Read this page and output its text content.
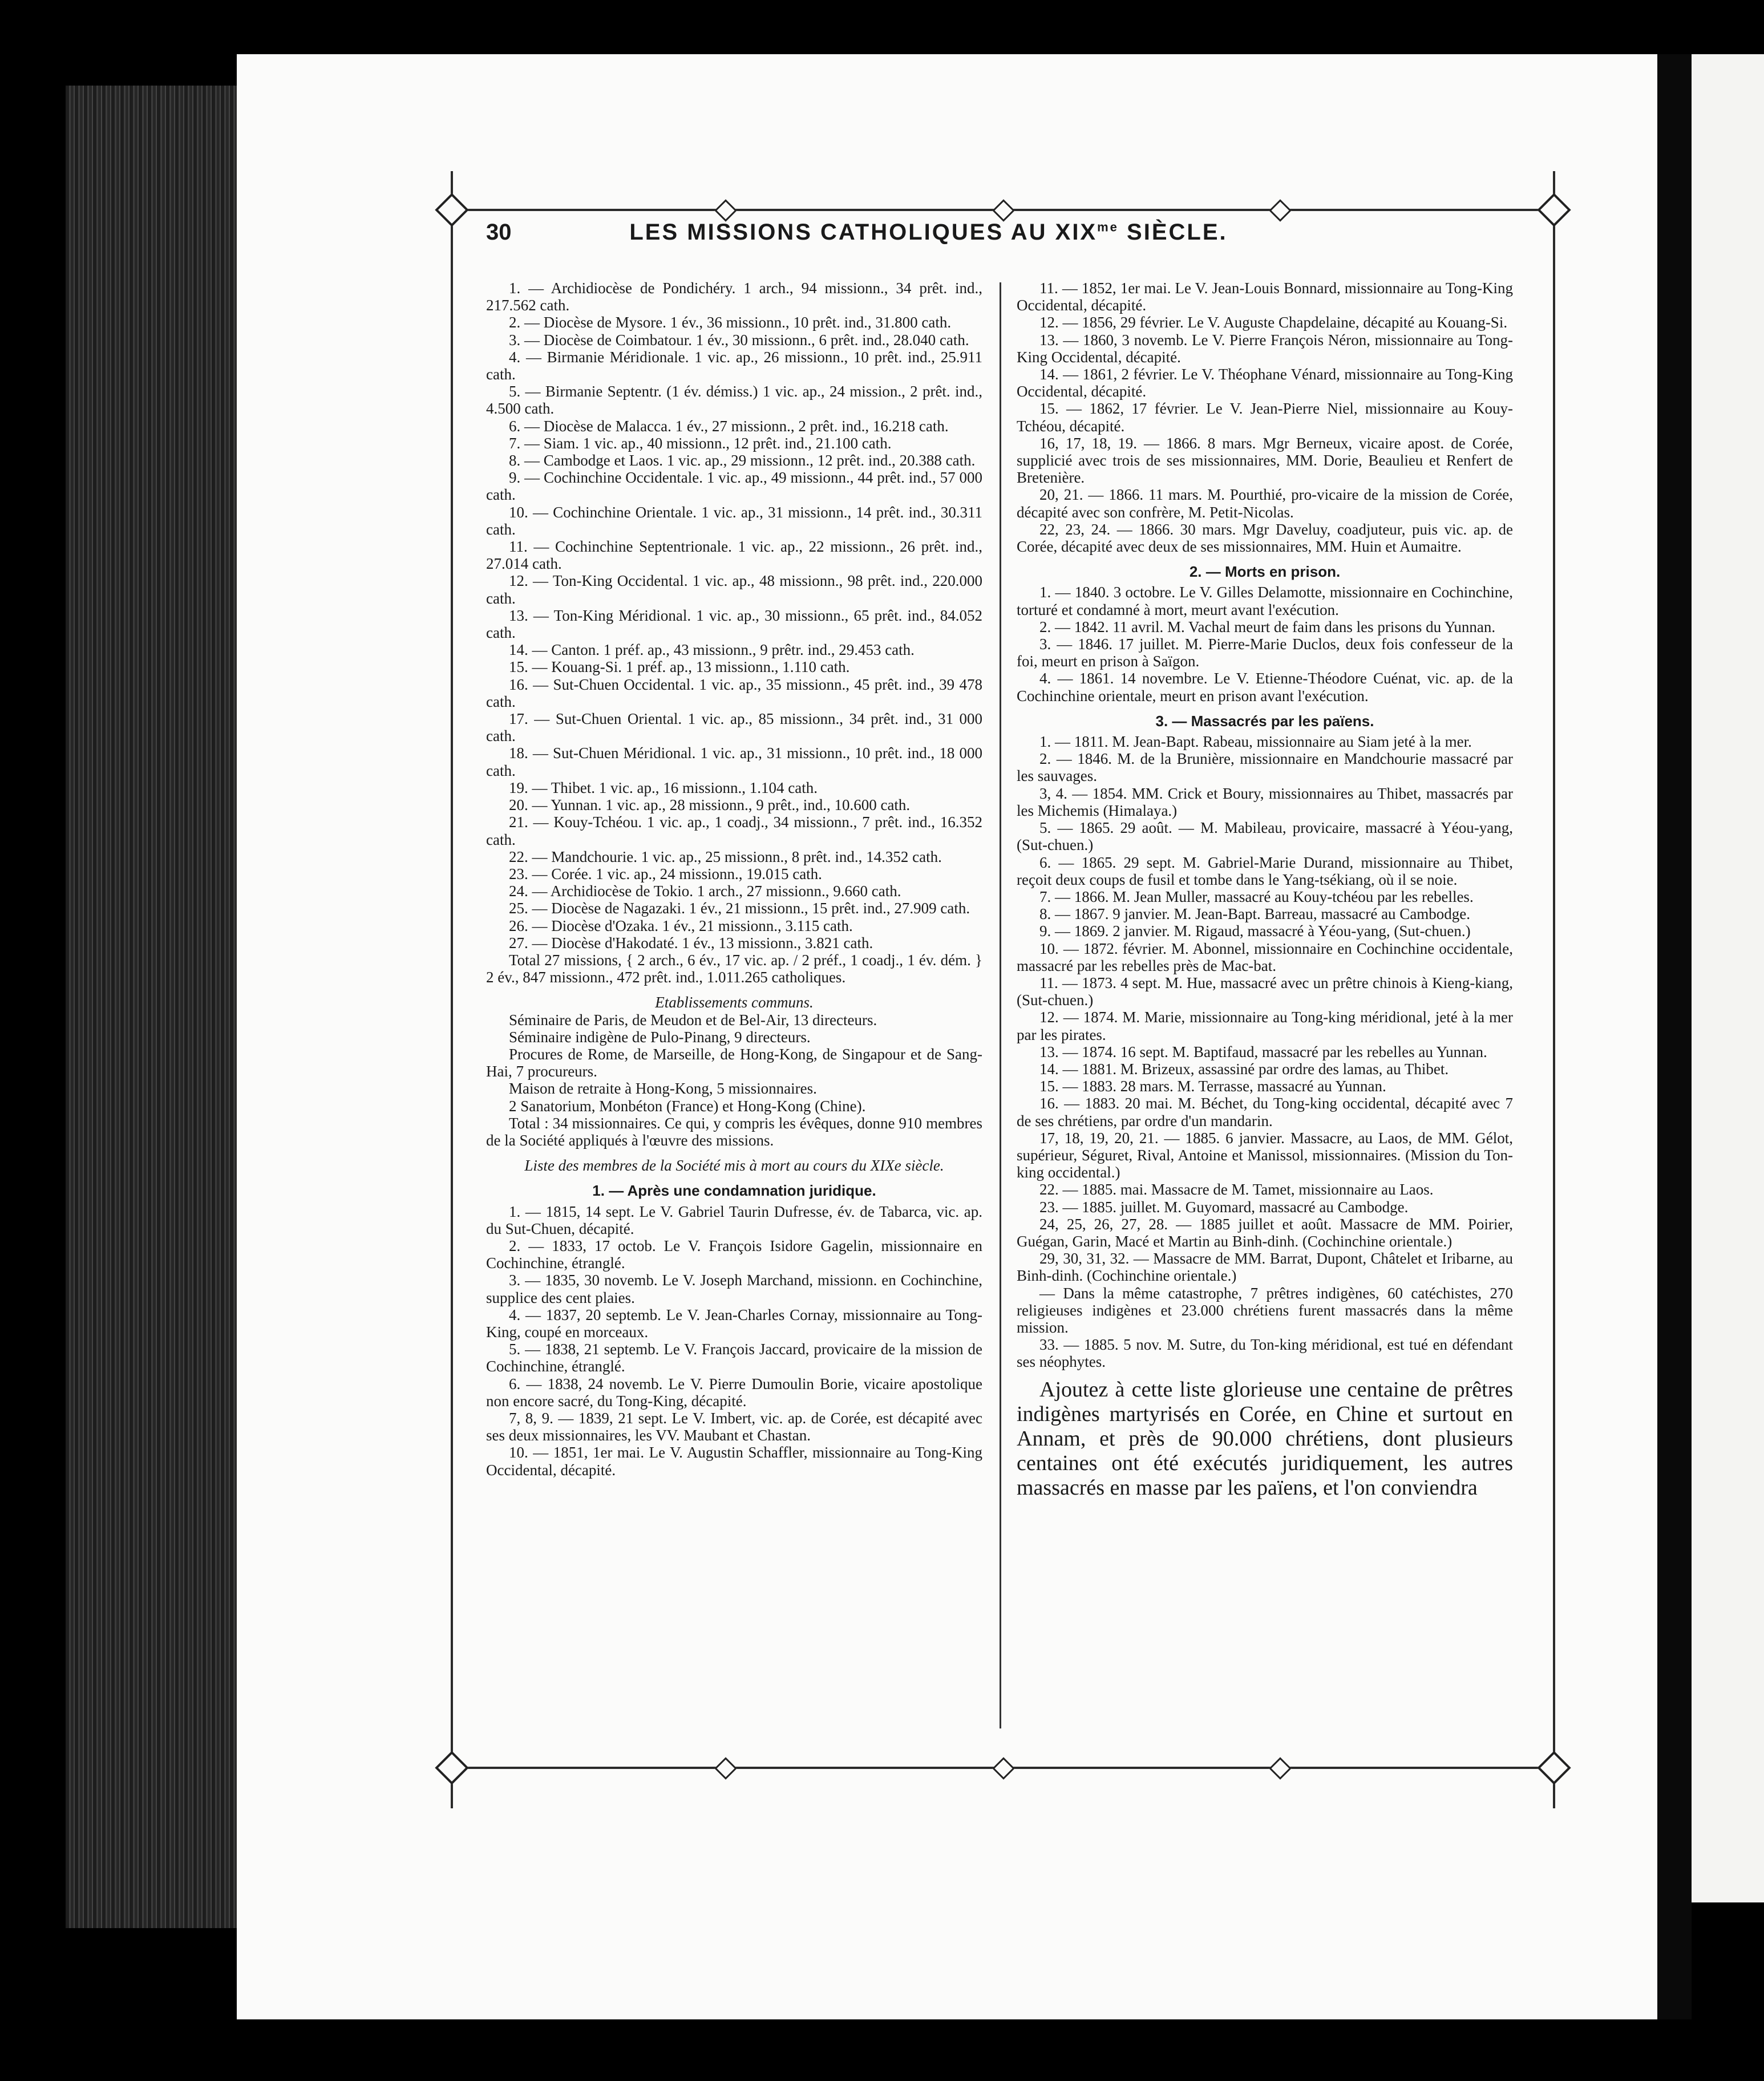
30	LES MISSIONS CATHOLIQUES AU $XIX^{me}$ SIÈCLE.

1. — Archidiocèse de Pondichéry. 1 arch., 94 missionn., 34 prêt. ind., 217.562 cath.

2. — Diocèse de Mysore. 1 év., 36 missionn., 10 prêt. ind., 31.800 cath.

3. — Diocèse de Coimbatour. 1 év., 30 missionn., 6 prêt. ind., 28.040 cath.

4. — Birmanie Méridionale. 1 vic. ap., 26 missionn., 10 prêt. ind., 25.911 cath.

5. — Birmanie Septentr. (1 év. démiss.) 1 vic. ap., 24 mission., 2 prêt. ind., 4.500 cath.

6. — Diocèse de Malacca. 1 év., 27 missionn., 2 prêt. ind., 16.218 cath.

7. — Siam. 1 vic. ap., 40 missionn., 12 prêt. ind., 21.100 cath.

8. — Cambodge et Laos. 1 vic. ap., 29 missionn., 12 prêt. ind., 20.388 cath.

9. — Cochinchine Occidentale. 1 vic. ap., 49 missionn., 44 prêt. ind., 57 000 cath.

10. — Cochinchine Orientale. 1 vic. ap., 31 missionn., 14 prêt. ind., 30.311 cath.

11. — Cochinchine Septentrionale. 1 vic. ap., 22 missionn., 26 prêt. ind., 27.014 cath.

12. — Ton-King Occidental. 1 vic. ap., 48 missionn., 98 prêt. ind., 220.000 cath.

13. — Ton-King Méridional. 1 vic. ap., 30 missionn., 65 prêt. ind., 84.052 cath.

14. — Canton. 1 préf. ap., 43 missionn., 9 prêtr. ind., 29.453 cath.

15. — Kouang-Si. 1 préf. ap., 13 missionn., 1.110 cath.

16. — Sut-Chuen Occidental. 1 vic. ap., 35 missionn., 45 prêt. ind., 39 478 cath.

17. — Sut-Chuen Oriental. 1 vic. ap., 85 missionn., 34 prêt. ind., 31 000 cath.

18. — Sut-Chuen Méridional. 1 vic. ap., 31 missionn., 10 prêt. ind., 18 000 cath.

19. — Thibet. 1 vic. ap., 16 missionn., 1.104 cath.

20. — Yunnan. 1 vic. ap., 28 missionn., 9 prêt., ind., 10.600 cath.

21. — Kouy-Tchéou. 1 vic. ap., 1 coadj., 34 missionn., 7 prêt. ind., 16.352 cath.

22. — Mandchourie. 1 vic. ap., 25 missionn., 8 prêt. ind., 14.352 cath.

23. — Corée. 1 vic. ap., 24 missionn., 19.015 cath.

24. — Archidiocèse de Tokio. 1 arch., 27 missionn., 9.660 cath.

25. — Diocèse de Nagazaki. 1 év., 21 missionn., 15 prêt. ind., 27.909 cath.

26. — Diocèse d'Ozaka. 1 év., 21 missionn., 3.115 cath.

27. — Diocèse d'Hakodaté. 1 év., 13 missionn., 3.821 cath.

Total 27 missions, { 2 arch., 6 év., 17 vic. ap. / 2 préf., 1 coadj., 1 év. dém. } 2 év., 847 missionn., 472 prêt. ind., 1.011.265 catholiques.

Etablissements communs.

Séminaire de Paris, de Meudon et de Bel-Air, 13 directeurs.

Séminaire indigène de Pulo-Pinang, 9 directeurs.

Procures de Rome, de Marseille, de Hong-Kong, de Singapour et de Sang-Hai, 7 procureurs.

Maison de retraite à Hong-Kong, 5 missionnaires.

2 Sanatorium, Monbéton (France) et Hong-Kong (Chine).

Total : 34 missionnaires. Ce qui, y compris les évêques, donne 910 membres de la Société appliqués à l'œuvre des missions.

Liste des membres de la Société mis à mort au cours du XIXe siècle.

1. — Après une condamnation juridique.

1. — 1815, 14 sept. Le V. Gabriel Taurin Dufresse, év. de Tabarca, vic. ap. du Sut-Chuen, décapité.

2. — 1833, 17 octob. Le V. François Isidore Gagelin, missionnaire en Cochinchine, étranglé.

3. — 1835, 30 novemb. Le V. Joseph Marchand, missionn. en Cochinchine, supplice des cent plaies.

4. — 1837, 20 septemb. Le V. Jean-Charles Cornay, missionnaire au Tong-King, coupé en morceaux.

5. — 1838, 21 septemb. Le V. François Jaccard, provicaire de la mission de Cochinchine, étranglé.

6. — 1838, 24 novemb. Le V. Pierre Dumoulin Borie, vicaire apostolique non encore sacré, du Tong-King, décapité.

7, 8, 9. — 1839, 21 sept. Le V. Imbert, vic. ap. de Corée, est décapité avec ses deux missionnaires, les VV. Maubant et Chastan.

10. — 1851, 1er mai. Le V. Augustin Schaffler, missionnaire au Tong-King Occidental, décapité.

11. — 1852, 1er mai. Le V. Jean-Louis Bonnard, missionnaire au Tong-King Occidental, décapité.

12. — 1856, 29 février. Le V. Auguste Chapdelaine, décapité au Kouang-Si.

13. — 1860, 3 novemb. Le V. Pierre François Néron, missionnaire au Tong-King Occidental, décapité.

14. — 1861, 2 février. Le V. Théophane Vénard, missionnaire au Tong-King Occidental, décapité.

15. — 1862, 17 février. Le V. Jean-Pierre Niel, missionnaire au Kouy-Tchéou, décapité.

16, 17, 18, 19. — 1866. 8 mars. Mgr Berneux, vicaire apost. de Corée, supplicié avec trois de ses missionnaires, MM. Dorie, Beaulieu et Renfert de Bretenière.

20, 21. — 1866. 11 mars. M. Pourthié, pro-vicaire de la mission de Corée, décapité avec son confrère, M. Petit-Nicolas.

22, 23, 24. — 1866. 30 mars. Mgr Daveluy, coadjuteur, puis vic. ap. de Corée, décapité avec deux de ses missionnaires, MM. Huin et Aumaitre.

2. — Morts en prison.

1. — 1840. 3 octobre. Le V. Gilles Delamotte, missionnaire en Cochinchine, torturé et condamné à mort, meurt avant l'exécution.

2. — 1842. 11 avril. M. Vachal meurt de faim dans les prisons du Yunnan.

3. — 1846. 17 juillet. M. Pierre-Marie Duclos, deux fois confesseur de la foi, meurt en prison à Saïgon.

4. — 1861. 14 novembre. Le V. Etienne-Théodore Cuénat, vic. ap. de la Cochinchine orientale, meurt en prison avant l'exécution.

3. — Massacrés par les païens.

1. — 1811. M. Jean-Bapt. Rabeau, missionnaire au Siam jeté à la mer.

2. — 1846. M. de la Brunière, missionnaire en Mandchourie massacré par les sauvages.

3, 4. — 1854. MM. Crick et Boury, missionnaires au Thibet, massacrés par les Michemis (Himalaya.)

5. — 1865. 29 août. — M. Mabileau, provicaire, massacré à Yéou-yang, (Sut-chuen.)

6. — 1865. 29 sept. M. Gabriel-Marie Durand, missionnaire au Thibet, reçoit deux coups de fusil et tombe dans le Yang-tsékiang, où il se noie.

7. — 1866. M. Jean Muller, massacré au Kouy-tchéou par les rebelles.

8. — 1867. 9 janvier. M. Jean-Bapt. Barreau, massacré au Cambodge.

9. — 1869. 2 janvier. M. Rigaud, massacré à Yéou-yang, (Sut-chuen.)

10. — 1872. février. M. Abonnel, missionnaire en Cochinchine occidentale, massacré par les rebelles près de Mac-bat.

11. — 1873. 4 sept. M. Hue, massacré avec un prêtre chinois à Kieng-kiang, (Sut-chuen.)

12. — 1874. M. Marie, missionnaire au Tong-king méridional, jeté à la mer par les pirates.

13. — 1874. 16 sept. M. Baptifaud, massacré par les rebelles au Yunnan.

14. — 1881. M. Brizeux, assassiné par ordre des lamas, au Thibet.

15. — 1883. 28 mars. M. Terrasse, massacré au Yunnan.

16. — 1883. 20 mai. M. Béchet, du Tong-king occidental, décapité avec 7 de ses chrétiens, par ordre d'un mandarin.

17, 18, 19, 20, 21. — 1885. 6 janvier. Massacre, au Laos, de MM. Gélot, supérieur, Séguret, Rival, Antoine et Manissol, missionnaires. (Mission du Ton-king occidental.)

22. — 1885. mai. Massacre de M. Tamet, missionnaire au Laos.

23. — 1885. juillet. M. Guyomard, massacré au Cambodge.

24, 25, 26, 27, 28. — 1885 juillet et août. Massacre de MM. Poirier, Guégan, Garin, Macé et Martin au Binh-dinh. (Cochinchine orientale.)

29, 30, 31, 32. — Massacre de MM. Barrat, Dupont, Châtelet et Iribarne, au Binh-dinh. (Cochinchine orientale.)

— Dans la même catastrophe, 7 prêtres indigènes, 60 catéchistes, 270 religieuses indigènes et 23.000 chrétiens furent massacrés dans la même mission.

33. — 1885. 5 nov. M. Sutre, du Ton-king méridional, est tué en défendant ses néophytes.

Ajoutez à cette liste glorieuse une centaine de prêtres indigènes martyrisés en Corée, en Chine et surtout en Annam, et près de 90.000 chrétiens, dont plusieurs centaines ont été exécutés juridiquement, les autres massacrés en masse par les païens, et l'on conviendra
